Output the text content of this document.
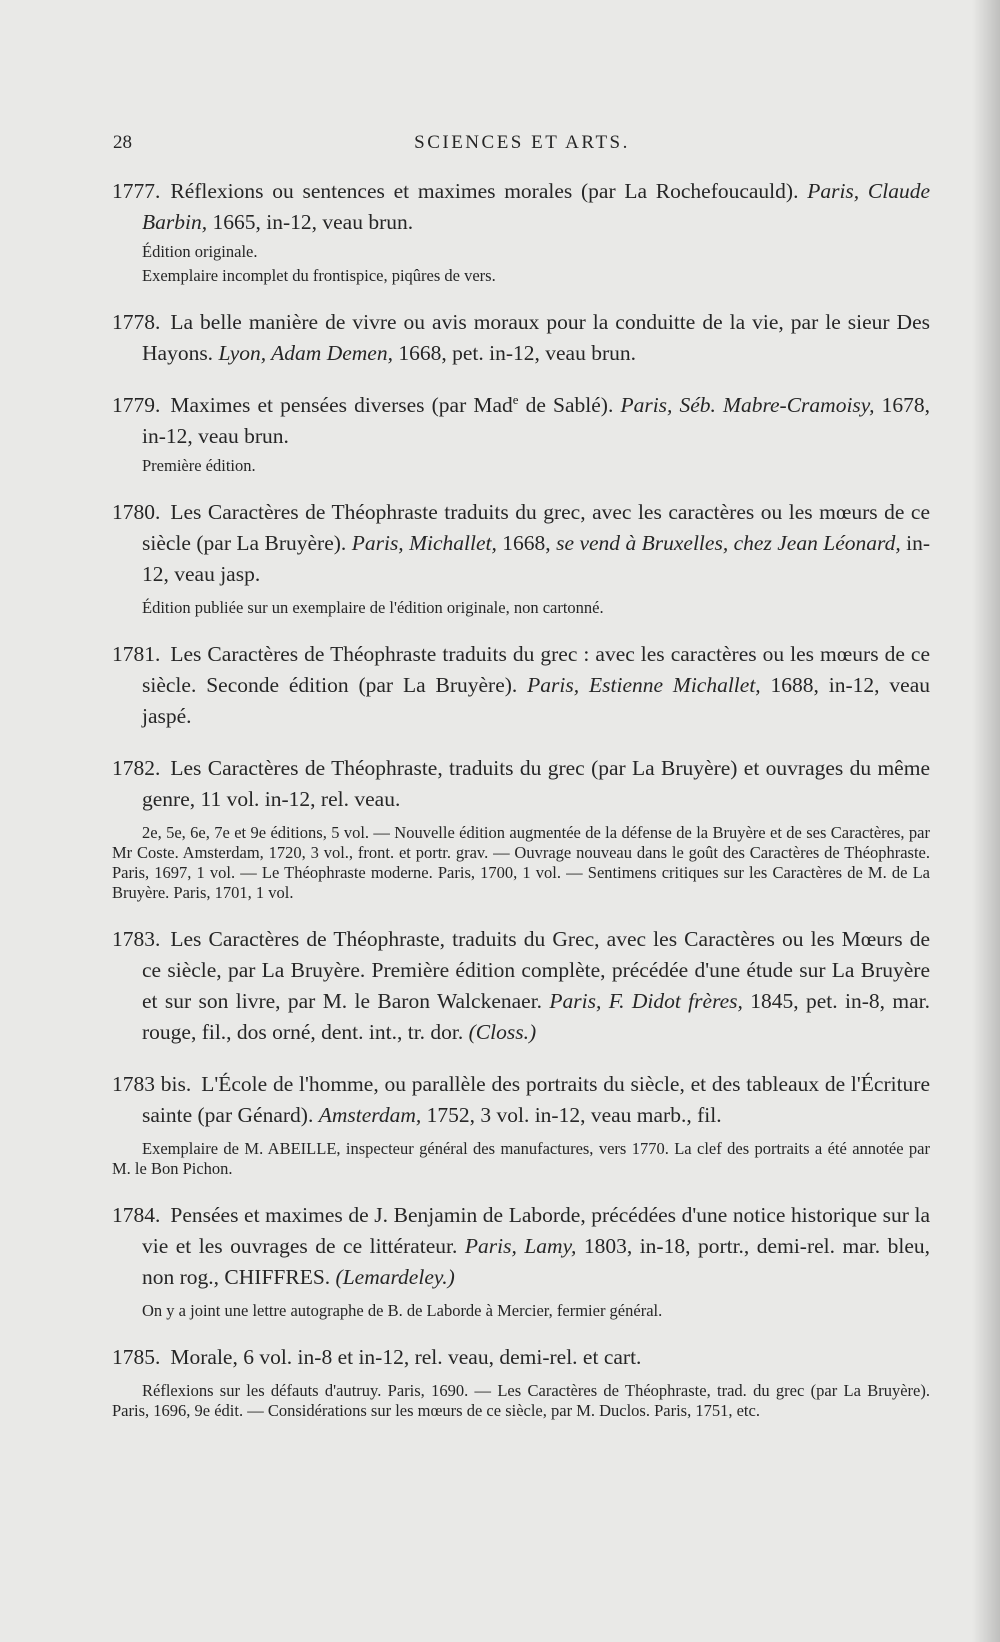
28	SCIENCES ET ARTS.
1777. Réflexions ou sentences et maximes morales (par La Rochefoucauld). Paris, Claude Barbin, 1665, in-12, veau brun.
Édition originale.
Exemplaire incomplet du frontispice, piqûres de vers.
1778. La belle manière de vivre ou avis moraux pour la conduitte de la vie, par le sieur Des Hayons. Lyon, Adam Demen, 1668, pet. in-12, veau brun.
1779. Maximes et pensées diverses (par Mad$^e$ de Sablé). Paris, Séb. Mabre-Cramoisy, 1678, in-12, veau brun.
Première édition.
1780. Les Caractères de Théophraste traduits du grec, avec les caractères ou les mœurs de ce siècle (par La Bruyère). Paris, Michallet, 1668, se vend à Bruxelles, chez Jean Léonard, in-12, veau jasp.
Édition publiée sur un exemplaire de l'édition originale, non cartonné.
1781. Les Caractères de Théophraste traduits du grec : avec les caractères ou les mœurs de ce siècle. Seconde édition (par La Bruyère). Paris, Estienne Michallet, 1688, in-12, veau jaspé.
1782. Les Caractères de Théophraste, traduits du grec (par La Bruyère) et ouvrages du même genre, 11 vol. in-12, rel. veau.
2e, 5e, 6e, 7e et 9e éditions, 5 vol. — Nouvelle édition augmentée de la défense de la Bruyère et de ses Caractères, par Mr Coste. Amsterdam, 1720, 3 vol., front. et portr. grav. — Ouvrage nouveau dans le goût des Caractères de Théophraste. Paris, 1697, 1 vol. — Le Théophraste moderne. Paris, 1700, 1 vol. — Sentimens critiques sur les Caractères de M. de La Bruyère. Paris, 1701, 1 vol.
1783. Les Caractères de Théophraste, traduits du Grec, avec les Caractères ou les Mœurs de ce siècle, par La Bruyère. Première édition complète, précédée d'une étude sur La Bruyère et sur son livre, par M. le Baron Walckenaer. Paris, F. Didot frères, 1845, pet. in-8, mar. rouge, fil., dos orné, dent. int., tr. dor. (Closs.)
1783 bis. L'École de l'homme, ou parallèle des portraits du siècle, et des tableaux de l'Écriture sainte (par Génard). Amsterdam, 1752, 3 vol. in-12, veau marb., fil.
Exemplaire de M. ABEILLE, inspecteur général des manufactures, vers 1770. La clef des portraits a été annotée par M. le Bon Pichon.
1784. Pensées et maximes de J. Benjamin de Laborde, précédées d'une notice historique sur la vie et les ouvrages de ce littérateur. Paris, Lamy, 1803, in-18, portr., demi-rel. mar. bleu, non rog., CHIFFRES. (Lemardeley.)
On y a joint une lettre autographe de B. de Laborde à Mercier, fermier général.
1785. Morale, 6 vol. in-8 et in-12, rel. veau, demi-rel. et cart.
Réflexions sur les défauts d'autruy. Paris, 1690. — Les Caractères de Théophraste, trad. du grec (par La Bruyère). Paris, 1696, 9e édit. — Considérations sur les mœurs de ce siècle, par M. Duclos. Paris, 1751, etc.
